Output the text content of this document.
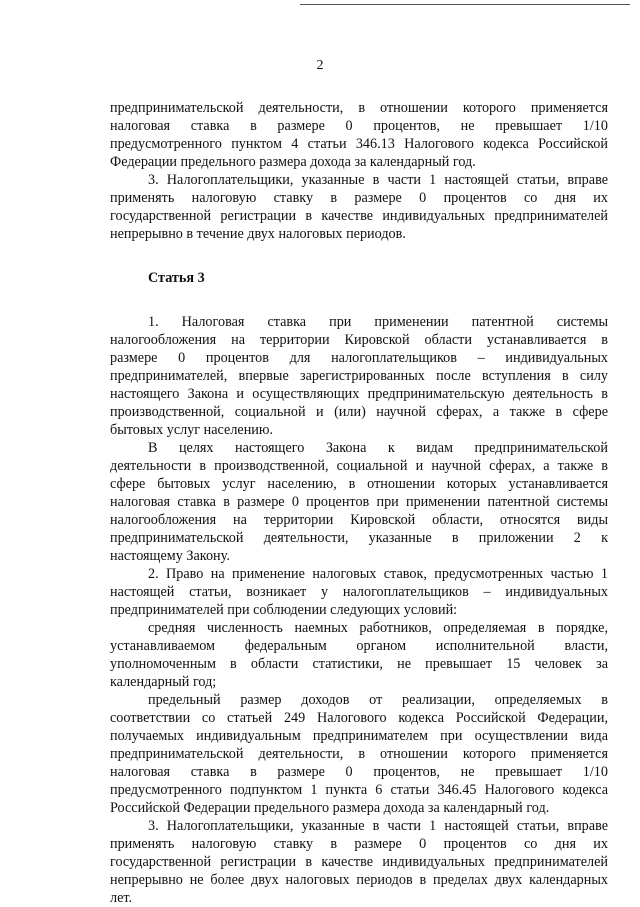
2
предпринимательской деятельности, в отношении которого применяется
налоговая ставка в размере 0 процентов, не превышает 1/10
предусмотренного пунктом 4 статьи 346.13 Налогового кодекса Российской
Федерации предельного размера дохода за календарный год.
3. Налогоплательщики, указанные в части 1 настоящей статьи, вправе
применять налоговую ставку в размере 0 процентов со дня их
государственной регистрации в качестве индивидуальных предпринимателей
непрерывно в течение двух налоговых периодов.
Статья 3
1. Налоговая ставка при применении патентной системы
налогообложения на территории Кировской области устанавливается в
размере 0 процентов для налогоплательщиков – индивидуальных
предпринимателей, впервые зарегистрированных после вступления в силу
настоящего Закона и осуществляющих предпринимательскую деятельность в
производственной, социальной и (или) научной сферах, а также в сфере
бытовых услуг населению.
В целях настоящего Закона к видам предпринимательской
деятельности в производственной, социальной и научной сферах, а также в
сфере бытовых услуг населению, в отношении которых устанавливается
налоговая ставка в размере 0 процентов при применении патентной системы
налогообложения на территории Кировской области, относятся виды
предпринимательской деятельности, указанные в приложении 2 к
настоящему Закону.
2. Право на применение налоговых ставок, предусмотренных частью 1
настоящей статьи, возникает у налогоплательщиков – индивидуальных
предпринимателей при соблюдении следующих условий:
средняя численность наемных работников, определяемая в порядке,
устанавливаемом федеральным органом исполнительной власти,
уполномоченным в области статистики, не превышает 15 человек за
календарный год;
предельный размер доходов от реализации, определяемых в
соответствии со статьей 249 Налогового кодекса Российской Федерации,
получаемых индивидуальным предпринимателем при осуществлении вида
предпринимательской деятельности, в отношении которого применяется
налоговая ставка в размере 0 процентов, не превышает 1/10
предусмотренного подпунктом 1 пункта 6 статьи 346.45 Налогового кодекса
Российской Федерации предельного размера дохода за календарный год.
3. Налогоплательщики, указанные в части 1 настоящей статьи, вправе
применять налоговую ставку в размере 0 процентов со дня их
государственной регистрации в качестве индивидуальных предпринимателей
непрерывно не более двух налоговых периодов в пределах двух календарных
лет.
